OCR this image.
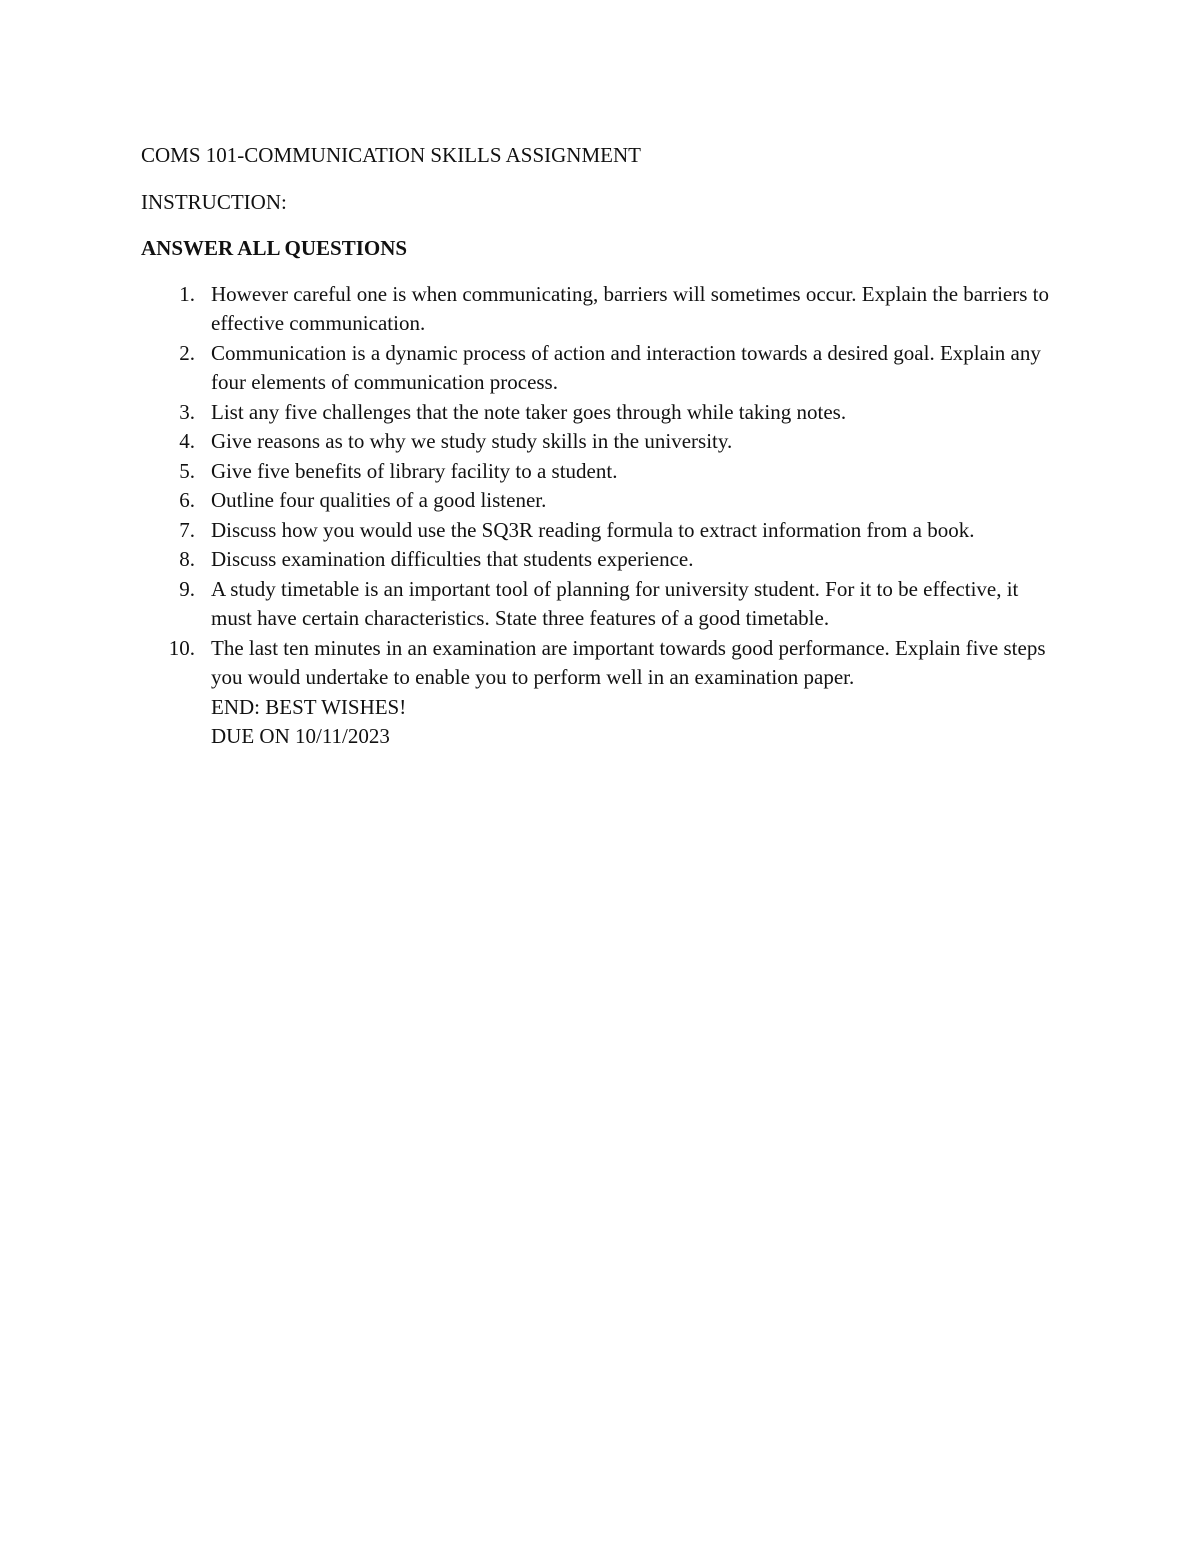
COMS 101-COMMUNICATION SKILLS ASSIGNMENT
INSTRUCTION:
ANSWER ALL QUESTIONS
1. However careful one is when communicating, barriers will sometimes occur. Explain the barriers to effective communication.
2. Communication is a dynamic process of action and interaction towards a desired goal. Explain any four elements of communication process.
3. List any five challenges that the note taker goes through while taking notes.
4. Give reasons as to why we study study skills in the university.
5. Give five benefits of library facility to a student.
6. Outline four qualities of a good listener.
7. Discuss how you would use the SQ3R reading formula to extract information from a book.
8. Discuss examination difficulties that students experience.
9. A study timetable is an important tool of planning for university student. For it to be effective, it must have certain characteristics. State three features of a good timetable.
10. The last ten minutes in an examination are important towards good performance. Explain five steps you would undertake to enable you to perform well in an examination paper.
END: BEST WISHES!
DUE ON 10/11/2023
